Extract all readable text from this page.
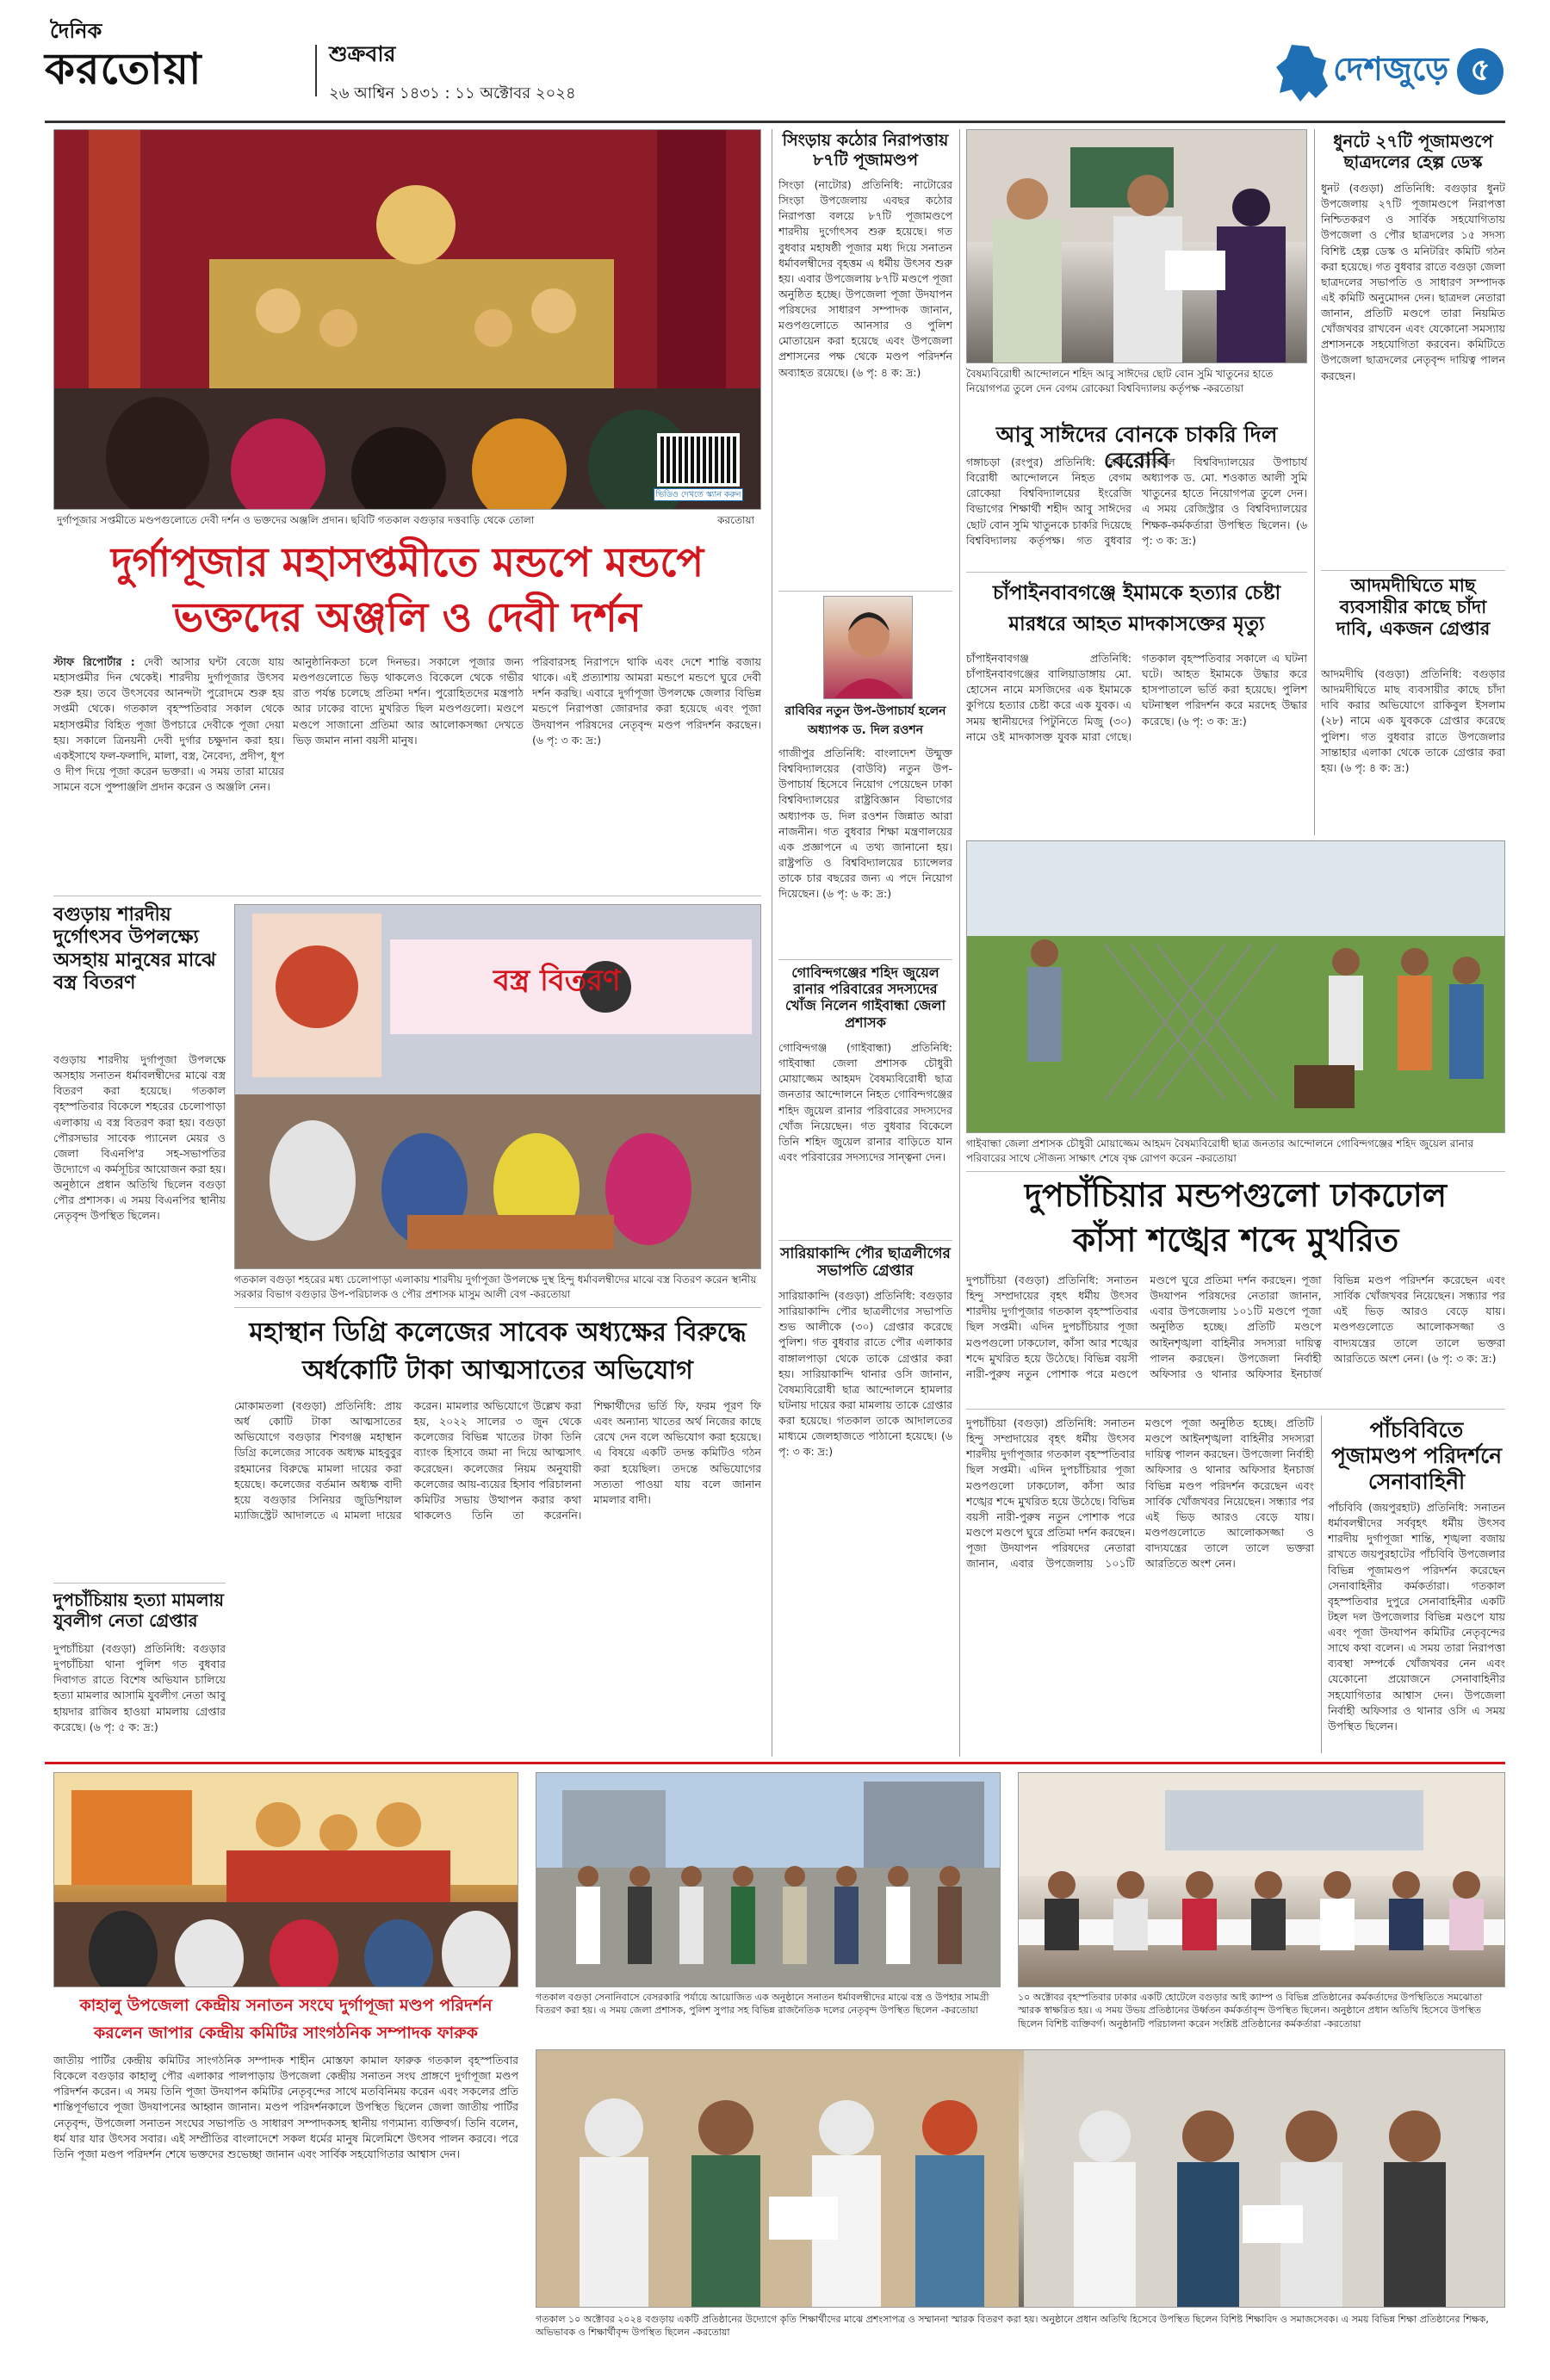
দৈনিক
করতোয়া	শুক্রবার
২৬ আশ্বিন ১৪৩১ : ১১ অক্টোবর ২০২৪
দেশজুড়ে ৫
ভিডিও দেখতে স্ক্যান করুন
দুর্গাপূজার সপ্তমীতে মণ্ডপগুলোতে দেবী দর্শন ও ভক্তদের অঞ্জলি প্রদান। ছবিটি গতকাল বগুড়ার দত্তবাড়ি থেকে তোলা	করতোয়া
দুর্গাপূজার মহাসপ্তমীতে মন্ডপে মন্ডপে
ভক্তদের অঞ্জলি ও দেবী দর্শন
স্টাফ রিপোর্টার : দেবী আসার ঘন্টা বেজে যায় মহাসপ্তমীর দিন থেকেই। শারদীয় দুর্গাপূজার উৎসব শুরু হয়। তবে উৎসবের আনন্দটা পুরোদমে শুরু হয় সপ্তমী থেকে। গতকাল বৃহস্পতিবার সকাল থেকে মহাসপ্তমীর বিহিত পূজা উপচারে দেবীকে পূজা দেয়া হয়। সকালে ত্রিনয়নী দেবী দুর্গার চক্ষুদান করা হয়। একইসাথে ফল-ফলাদি, মালা, বস্ত্র, নৈবেদ্য, প্রদীপ, ধূপ ও দীপ দিয়ে পূজা করেন ভক্তরা। এ সময় তারা মায়ের সামনে বসে পুষ্পাঞ্জলি প্রদান করেন ও অঞ্জলি নেন।
আনুষ্ঠানিকতা চলে দিনভর। সকালে পূজার জন্য মণ্ডপগুলোতে ভিড় থাকলেও বিকেলে থেকে গভীর রাত পর্যন্ত চলেছে প্রতিমা দর্শন। পুরোহিতদের মন্ত্রপাঠ আর ঢাকের বাদ্যে মুখরিত ছিল মণ্ডপগুলো। মণ্ডপে মণ্ডপে সাজানো প্রতিমা আর আলোকসজ্জা দেখতে ভিড় জমান নানা বয়সী মানুষ।
পরিবারসহ নিরাপদে থাকি এবং দেশে শান্তি বজায় থাকে। এই প্রত্যাশায় আমরা মন্ডপে মন্ডপে ঘুরে দেবী দর্শন করছি। এবারে দুর্গাপূজা উপলক্ষে জেলার বিভিন্ন মন্ডপে নিরাপত্তা জোরদার করা হয়েছে এবং পূজা উদযাপন পরিষদের নেতৃবৃন্দ মণ্ডপ পরিদর্শন করছেন। (৬ পৃ: ৩ ক: দ্র:)
বগুড়ায় শারদীয় দুর্গোৎসব উপলক্ষ্যে অসহায় মানুষের মাঝে বস্ত্র বিতরণ
বগুড়ায় শারদীয় দুর্গাপূজা উপলক্ষে অসহায় সনাতন ধর্মাবলম্বীদের মাঝে বস্ত্র বিতরণ করা হয়েছে। গতকাল বৃহস্পতিবার বিকেলে শহরের চেলোপাড়া এলাকায় এ বস্ত্র বিতরণ করা হয়। বগুড়া পৌরসভার সাবেক প্যানেল মেয়র ও জেলা বিএনপি'র সহ-সভাপতির উদ্যোগে এ কর্মসূচির আয়োজন করা হয়। অনুষ্ঠানে প্রধান অতিথি ছিলেন বগুড়া পৌর প্রশাসক। এ সময় বিএনপির স্থানীয় নেতৃবৃন্দ উপস্থিত ছিলেন।
বস্ত্র বিতরণ
গতকাল বগুড়া শহরের মধ্য চেলোপাড়া এলাকায় শারদীয় দুর্গাপূজা উপলক্ষে দুস্থ হিন্দু ধর্মাবলম্বীদের মাঝে বস্ত্র বিতরণ করেন স্থানীয় সরকার বিভাগ বগুড়ার উপ-পরিচালক ও পৌর প্রশাসক মাসুম আলী বেগ -করতোয়া
মহাস্থান ডিগ্রি কলেজের সাবেক অধ্যক্ষের বিরুদ্ধে
অর্ধকোটি টাকা আত্মসাতের অভিযোগ
মোকামতলা (বগুড়া) প্রতিনিধি: প্রায় অর্ধ কোটি টাকা আত্মসাতের অভিযোগে বগুড়ার শিবগঞ্জ মহাস্থান ডিগ্রি কলেজের সাবেক অধ্যক্ষ মাহবুবুর রহমানের বিরুদ্ধে মামলা দায়ের করা হয়েছে। কলেজের বর্তমান অধ্যক্ষ বাদী হয়ে বগুড়ার সিনিয়র জুডিশিয়াল ম্যাজিস্ট্রেট আদালতে এ মামলা দায়ের করেন। মামলার অভিযোগে উল্লেখ করা হয়, ২০২২ সালের ৩ জুন থেকে কলেজের বিভিন্ন খাতের টাকা তিনি ব্যাংক হিসাবে জমা না দিয়ে আত্মসাৎ করেছেন। কলেজের নিয়ম অনুযায়ী কলেজের আয়-ব্যয়ের হিসাব পরিচালনা কমিটির সভায় উত্থাপন করার কথা থাকলেও তিনি তা করেননি। শিক্ষার্থীদের ভর্তি ফি, ফরম পূরণ ফি এবং অন্যান্য খাতের অর্থ নিজের কাছে রেখে দেন বলে অভিযোগ করা হয়েছে। এ বিষয়ে একটি তদন্ত কমিটিও গঠন করা হয়েছিল। তদন্তে অভিযোগের সত্যতা পাওয়া যায় বলে জানান মামলার বাদী।
দুপচাঁচিয়ায় হত্যা মামলায় যুবলীগ নেতা গ্রেপ্তার
দুপচাঁচিয়া (বগুড়া) প্রতিনিধি: বগুড়ার দুপচাঁচিয়া থানা পুলিশ গত বুধবার দিবাগত রাতে বিশেষ অভিযান চালিয়ে হত্যা মামলার আসামি যুবলীগ নেতা আবু হায়দার রাজিব হাওয়া মামলায় গ্রেপ্তার করেছে। (৬ পৃ: ৫ ক: দ্র:)
সিংড়ায় কঠোর নিরাপত্তায় ৮৭টি পূজামণ্ডপ
সিংড়া (নাটোর) প্রতিনিধি: নাটোরের সিংড়া উপজেলায় এবছর কঠোর নিরাপত্তা বলয়ে ৮৭টি পূজামণ্ডপে শারদীয় দুর্গোৎসব শুরু হয়েছে। গত বুধবার মহাষষ্ঠী পূজার মধ্য দিয়ে সনাতন ধর্মাবলম্বীদের বৃহত্তম এ ধর্মীয় উৎসব শুরু হয়। এবার উপজেলায় ৮৭টি মণ্ডপে পূজা অনুষ্ঠিত হচ্ছে। উপজেলা পূজা উদযাপন পরিষদের সাধারণ সম্পাদক জানান, মণ্ডপগুলোতে আনসার ও পুলিশ মোতায়েন করা হয়েছে এবং উপজেলা প্রশাসনের পক্ষ থেকে মণ্ডপ পরিদর্শন অব্যাহত রয়েছে। (৬ পৃ: ৪ ক: দ্র:)
রাবিবির নতুন উপ-উপাচার্য হলেন
অধ্যাপক ড. দিল রওশন
গাজীপুর প্রতিনিধি: বাংলাদেশ উন্মুক্ত বিশ্ববিদ্যালয়ের (বাউবি) নতুন উপ-উপাচার্য হিসেবে নিয়োগ পেয়েছেন ঢাকা বিশ্ববিদ্যালয়ের রাষ্ট্রবিজ্ঞান বিভাগের অধ্যাপক ড. দিল রওশন জিন্নাত আরা নাজনীন। গত বুধবার শিক্ষা মন্ত্রণালয়ের এক প্রজ্ঞাপনে এ তথ্য জানানো হয়। রাষ্ট্রপতি ও বিশ্ববিদ্যালয়ের চ্যান্সেলর তাকে চার বছরের জন্য এ পদে নিয়োগ দিয়েছেন। (৬ পৃ: ৬ ক: দ্র:)
গোবিন্দগঞ্জের শহিদ জুয়েল রানার পরিবারের সদস্যদের খোঁজ নিলেন গাইবান্ধা জেলা প্রশাসক
গোবিন্দগঞ্জ (গাইবান্ধা) প্রতিনিধি: গাইবান্ধা জেলা প্রশাসক চৌধুরী মোয়াজ্জেম আহমদ বৈষম্যবিরোধী ছাত্র জনতার আন্দোলনে নিহত গোবিন্দগঞ্জের শহিদ জুয়েল রানার পরিবারের সদস্যদের খোঁজ নিয়েছেন। গত বুধবার বিকেলে তিনি শহিদ জুয়েল রানার বাড়িতে যান এবং পরিবারের সদস্যদের সান্ত্বনা দেন।
সারিয়াকান্দি পৌর ছাত্রলীগের সভাপতি গ্রেপ্তার
সারিয়াকান্দি (বগুড়া) প্রতিনিধি: বগুড়ার সারিয়াকান্দি পৌর ছাত্রলীগের সভাপতি শুভ আলীকে (৩০) গ্রেপ্তার করেছে পুলিশ। গত বুধবার রাতে পৌর এলাকার বাঙ্গালপাড়া থেকে তাকে গ্রেপ্তার করা হয়। সারিয়াকান্দি থানার ওসি জানান, বৈষম্যবিরোধী ছাত্র আন্দোলনে হামলার ঘটনায় দায়ের করা মামলায় তাকে গ্রেপ্তার করা হয়েছে। গতকাল তাকে আদালতের মাধ্যমে জেলহাজতে পাঠানো হয়েছে। (৬ পৃ: ৩ ক: দ্র:)
বৈষম্যবিরোধী আন্দোলনে শহিদ আবু সাঈদের ছোট বোন সুমি খাতুনের হাতে নিয়োগপত্র তুলে দেন বেগম রোকেয়া বিশ্ববিদ্যালয় কর্তৃপক্ষ -করতোয়া
আবু সাঈদের বোনকে চাকরি দিল বেরোবি
গঙ্গাচড়া (রংপুর) প্রতিনিধি: বৈষম্য বিরোধী আন্দোলনে নিহত বেগম রোকেয়া বিশ্ববিদ্যালয়ের ইংরেজি বিভাগের শিক্ষার্থী শহীদ আবু সাঈদের ছোট বোন সুমি খাতুনকে চাকরি দিয়েছে বিশ্ববিদ্যালয় কর্তৃপক্ষ। গত বুধবার বিকেলে বিশ্ববিদ্যালয়ের উপাচার্য অধ্যাপক ড. মো. শওকাত আলী সুমি খাতুনের হাতে নিয়োগপত্র তুলে দেন। এ সময় রেজিস্ট্রার ও বিশ্ববিদ্যালয়ের শিক্ষক-কর্মকর্তারা উপস্থিত ছিলেন। (৬ পৃ: ৩ ক: দ্র:)
ধুনটে ২৭টি পূজামণ্ডপে ছাত্রদলের হেল্প ডেস্ক
ধুনট (বগুড়া) প্রতিনিধি: বগুড়ার ধুনট উপজেলায় ২৭টি পূজামণ্ডপে নিরাপত্তা নিশ্চিতকরণ ও সার্বিক সহযোগিতায় উপজেলা ও পৌর ছাত্রদলের ১৫ সদস্য বিশিষ্ট হেল্প ডেস্ক ও মনিটরিং কমিটি গঠন করা হয়েছে। গত বুধবার রাতে বগুড়া জেলা ছাত্রদলের সভাপতি ও সাধারণ সম্পাদক এই কমিটি অনুমোদন দেন। ছাত্রদল নেতারা জানান, প্রতিটি মণ্ডপে তারা নিয়মিত খোঁজখবর রাখবেন এবং যেকোনো সমস্যায় প্রশাসনকে সহযোগিতা করবেন। কমিটিতে উপজেলা ছাত্রদলের নেতৃবৃন্দ দায়িত্ব পালন করছেন।
আদমদীঘিতে মাছ ব্যবসায়ীর কাছে চাঁদা দাবি, একজন গ্রেপ্তার
আদমদীঘি (বগুড়া) প্রতিনিধি: বগুড়ার আদমদীঘিতে মাছ ব্যবসায়ীর কাছে চাঁদা দাবি করার অভিযোগে রাকিবুল ইসলাম (২৮) নামে এক যুবককে গ্রেপ্তার করেছে পুলিশ। গত বুধবার রাতে উপজেলার সান্তাহার এলাকা থেকে তাকে গ্রেপ্তার করা হয়। (৬ পৃ: ৪ ক: দ্র:)
চাঁপাইনবাবগঞ্জে ইমামকে হত্যার চেষ্টা
মারধরে আহত মাদকাসক্তের মৃত্যু
চাঁপাইনবাবগঞ্জ প্রতিনিধি: চাঁপাইনবাবগঞ্জের বালিয়াডাঙ্গায় মো. হোসেন নামে মসজিদের এক ইমামকে কুপিয়ে হত্যার চেষ্টা করে এক যুবক। এ সময় স্থানীয়দের পিটুনিতে মিজু (৩০) নামে ওই মাদকাসক্ত যুবক মারা গেছে। গতকাল বৃহস্পতিবার সকালে এ ঘটনা ঘটে। আহত ইমামকে উদ্ধার করে হাসপাতালে ভর্তি করা হয়েছে। পুলিশ ঘটনাস্থল পরিদর্শন করে মরদেহ উদ্ধার করেছে। (৬ পৃ: ৩ ক: দ্র:)
গাইবান্ধা জেলা প্রশাসক চৌধুরী মোয়াজ্জেম আহমদ বৈষম্যবিরোধী ছাত্র জনতার আন্দোলনে গোবিন্দগঞ্জের শহিদ জুয়েল রানার পরিবারের সাথে সৌজন্য সাক্ষাৎ শেষে বৃক্ষ রোপণ করেন -করতোয়া
দুপচাঁচিয়ার মন্ডপগুলো ঢাকঢোল
কাঁসা শঙ্খের শব্দে মুখরিত
দুপচাঁচিয়া (বগুড়া) প্রতিনিধি: সনাতন হিন্দু সম্প্রদায়ের বৃহৎ ধর্মীয় উৎসব শারদীয় দুর্গাপূজার গতকাল বৃহস্পতিবার ছিল সপ্তমী। এদিন দুপচাঁচিয়ার পূজা মণ্ডপগুলো ঢাকঢোল, কাঁসা আর শঙ্খের শব্দে মুখরিত হয়ে উঠেছে। বিভিন্ন বয়সী নারী-পুরুষ নতুন পোশাক পরে মণ্ডপে মণ্ডপে ঘুরে প্রতিমা দর্শন করছেন। পূজা উদযাপন পরিষদের নেতারা জানান, এবার উপজেলায় ১০১টি মণ্ডপে পূজা অনুষ্ঠিত হচ্ছে। প্রতিটি মণ্ডপে আইনশৃঙ্খলা বাহিনীর সদস্যরা দায়িত্ব পালন করছেন। উপজেলা নির্বাহী অফিসার ও থানার অফিসার ইনচার্জ বিভিন্ন মণ্ডপ পরিদর্শন করেছেন এবং সার্বিক খোঁজখবর নিয়েছেন। সন্ধ্যার পর এই ভিড় আরও বেড়ে যায়। মণ্ডপগুলোতে আলোকসজ্জা ও বাদ্যযন্ত্রের তালে তালে ভক্তরা আরতিতে অংশ নেন। (৬ পৃ: ৩ ক: দ্র:)
দুপচাঁচিয়া (বগুড়া) প্রতিনিধি: সনাতন হিন্দু সম্প্রদায়ের বৃহৎ ধর্মীয় উৎসব শারদীয় দুর্গাপূজার গতকাল বৃহস্পতিবার ছিল সপ্তমী। এদিন দুপচাঁচিয়ার পূজা মণ্ডপগুলো ঢাকঢোল, কাঁসা আর শঙ্খের শব্দে মুখরিত হয়ে উঠেছে। বিভিন্ন বয়সী নারী-পুরুষ নতুন পোশাক পরে মণ্ডপে মণ্ডপে ঘুরে প্রতিমা দর্শন করছেন। পূজা উদযাপন পরিষদের নেতারা জানান, এবার উপজেলায় ১০১টি মণ্ডপে পূজা অনুষ্ঠিত হচ্ছে। প্রতিটি মণ্ডপে আইনশৃঙ্খলা বাহিনীর সদস্যরা দায়িত্ব পালন করছেন। উপজেলা নির্বাহী অফিসার ও থানার অফিসার ইনচার্জ বিভিন্ন মণ্ডপ পরিদর্শন করেছেন এবং সার্বিক খোঁজখবর নিয়েছেন। সন্ধ্যার পর এই ভিড় আরও বেড়ে যায়। মণ্ডপগুলোতে আলোকসজ্জা ও বাদ্যযন্ত্রের তালে তালে ভক্তরা আরতিতে অংশ নেন।
পাঁচবিবিতে পূজামণ্ডপ পরিদর্শনে সেনাবাহিনী
পাঁচবিবি (জয়পুরহাট) প্রতিনিধি: সনাতন ধর্মাবলম্বীদের সর্ববৃহৎ ধর্মীয় উৎসব শারদীয় দুর্গাপূজা শান্তি, শৃঙ্খলা বজায় রাখতে জয়পুরহাটের পাঁচবিবি উপজেলার বিভিন্ন পূজামণ্ডপ পরিদর্শন করেছেন সেনাবাহিনীর কর্মকর্তারা। গতকাল বৃহস্পতিবার দুপুরে সেনাবাহিনীর একটি টহল দল উপজেলার বিভিন্ন মণ্ডপে যায় এবং পূজা উদযাপন কমিটির নেতৃবৃন্দের সাথে কথা বলেন। এ সময় তারা নিরাপত্তা ব্যবস্থা সম্পর্কে খোঁজখবর নেন এবং যেকোনো প্রয়োজনে সেনাবাহিনীর সহযোগিতার আশ্বাস দেন। উপজেলা নির্বাহী অফিসার ও থানার ওসি এ সময় উপস্থিত ছিলেন।
কাহালু উপজেলা কেন্দ্রীয় সনাতন সংঘে দুর্গাপূজা মণ্ডপ পরিদর্শন
করলেন জাপার কেন্দ্রীয় কমিটির সাংগঠনিক সম্পাদক ফারুক
জাতীয় পার্টির কেন্দ্রীয় কমিটির সাংগঠনিক সম্পাদক শাহীন মোস্তফা কামাল ফারুক গতকাল বৃহস্পতিবার বিকেলে বগুড়ার কাহালু পৌর এলাকার পালপাড়ায় উপজেলা কেন্দ্রীয় সনাতন সংঘ প্রাঙ্গণে দুর্গাপূজা মণ্ডপ পরিদর্শন করেন। এ সময় তিনি পূজা উদযাপন কমিটির নেতৃবৃন্দের সাথে মতবিনিময় করেন এবং সকলের প্রতি শান্তিপূর্ণভাবে পূজা উদযাপনের আহ্বান জানান। মণ্ডপ পরিদর্শনকালে উপস্থিত ছিলেন জেলা জাতীয় পার্টির নেতৃবৃন্দ, উপজেলা সনাতন সংঘের সভাপতি ও সাধারণ সম্পাদকসহ স্থানীয় গণ্যমান্য ব্যক্তিবর্গ। তিনি বলেন, ধর্ম যার যার উৎসব সবার। এই সম্প্রীতির বাংলাদেশে সকল ধর্মের মানুষ মিলেমিশে উৎসব পালন করবে। পরে তিনি পূজা মণ্ডপ পরিদর্শন শেষে ভক্তদের শুভেচ্ছা জানান এবং সার্বিক সহযোগিতার আশ্বাস দেন।
গতকাল বগুড়া সেনানিবাসে বেসরকারি পর্যায়ে আয়োজিত এক অনুষ্ঠানে সনাতন ধর্মাবলম্বীদের মাঝে বস্ত্র ও উপহার সামগ্রী বিতরণ করা হয়। এ সময় জেলা প্রশাসক, পুলিশ সুপার সহ বিভিন্ন রাজনৈতিক দলের নেতৃবৃন্দ উপস্থিত ছিলেন -করতোয়া
১০ অক্টোবর বৃহস্পতিবার ঢাকার একটি হোটেলে বগুড়ার আই ক্যাম্প ও বিভিন্ন প্রতিষ্ঠানের কর্মকর্তাদের উপস্থিতিতে সমঝোতা স্মারক স্বাক্ষরিত হয়। এ সময় উভয় প্রতিষ্ঠানের উর্ধ্বতন কর্মকর্তাবৃন্দ উপস্থিত ছিলেন। অনুষ্ঠানে প্রধান অতিথি হিসেবে উপস্থিত ছিলেন বিশিষ্ট ব্যক্তিবর্গ। অনুষ্ঠানটি পরিচালনা করেন সংশ্লিষ্ট প্রতিষ্ঠানের কর্মকর্তারা -করতোয়া
গতকাল ১০ অক্টোবর ২০২৪ বগুড়ায় একটি প্রতিষ্ঠানের উদ্যোগে কৃতি শিক্ষার্থীদের মাঝে প্রশংসাপত্র ও সম্মাননা স্মারক বিতরণ করা হয়। অনুষ্ঠানে প্রধান অতিথি হিসেবে উপস্থিত ছিলেন বিশিষ্ট শিক্ষাবিদ ও সমাজসেবক। এ সময় বিভিন্ন শিক্ষা প্রতিষ্ঠানের শিক্ষক, অভিভাবক ও শিক্ষার্থীবৃন্দ উপস্থিত ছিলেন -করতোয়া
